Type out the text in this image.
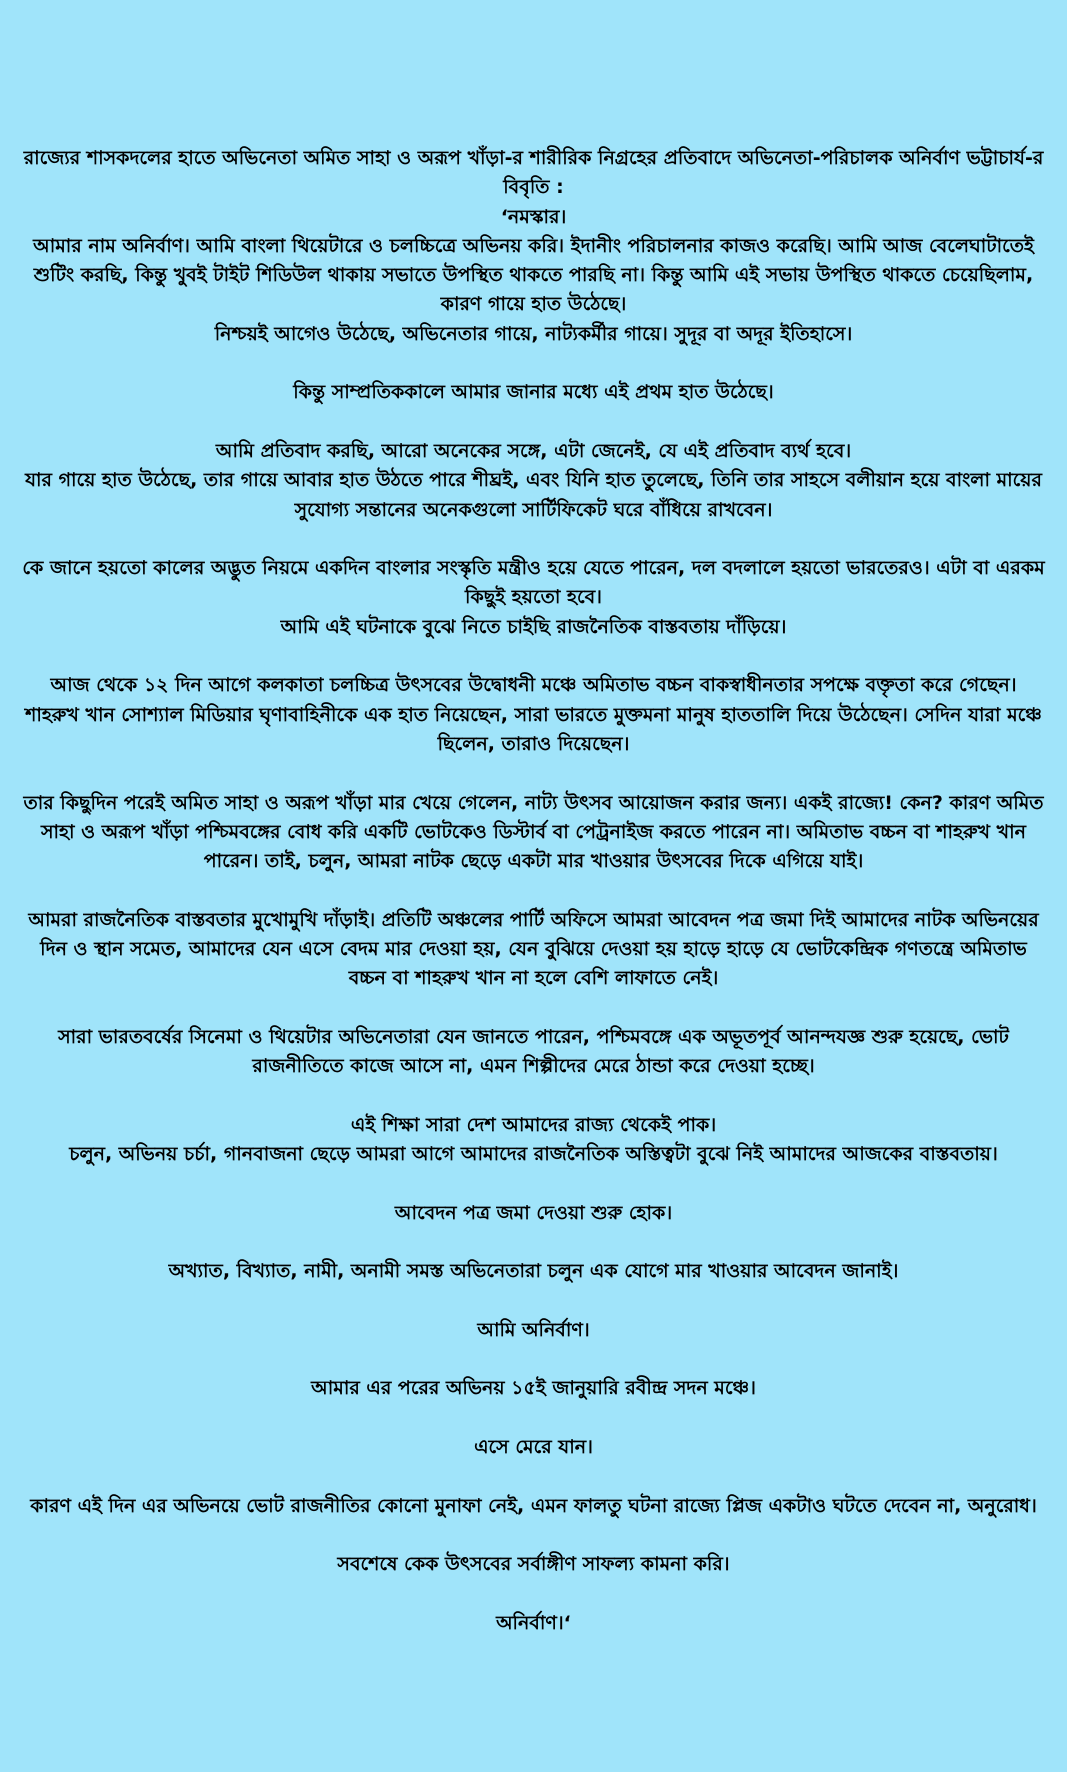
রাজ্যের শাসকদলের হাতে অভিনেতা অমিত সাহা ও অরূপ খাঁড়া-র শারীরিক নিগ্রহের প্রতিবাদে অভিনেতা-পরিচালক অনির্বাণ ভট্টাচার্য-র বিবৃতি :

‘নমস্কার।

আমার নাম অনির্বাণ। আমি বাংলা থিয়েটারে ও চলচ্চিত্রে অভিনয় করি। ইদানীং পরিচালনার কাজও করেছি। আমি আজ বেলেঘাটাতেই শুটিং করছি, কিন্তু খুবই টাইট শিডিউল থাকায় সভাতে উপস্থিত থাকতে পারছি না। কিন্তু আমি এই সভায় উপস্থিত থাকতে চেয়েছিলাম, কারণ গায়ে হাত উঠেছে।

নিশ্চয়ই আগেও উঠেছে, অভিনেতার গায়ে, নাট্যকর্মীর গায়ে। সুদূর বা অদূর ইতিহাসে।

কিন্তু সাম্প্রতিককালে আমার জানার মধ্যে এই প্রথম হাত উঠেছে।

আমি প্রতিবাদ করছি, আরো অনেকের সঙ্গে, এটা জেনেই, যে এই প্রতিবাদ ব্যর্থ হবে।

যার গায়ে হাত উঠেছে, তার গায়ে আবার হাত উঠতে পারে শীঘ্রই, এবং যিনি হাত তুলেছে, তিনি তার সাহসে বলীয়ান হয়ে বাংলা মায়ের সুযোগ্য সন্তানের অনেকগুলো সার্টিফিকেট ঘরে বাঁধিয়ে রাখবেন।

কে জানে হয়তো কালের অদ্ভুত নিয়মে একদিন বাংলার সংস্কৃতি মন্ত্রীও হয়ে যেতে পারেন, দল বদলালে হয়তো ভারতেরও। এটা বা এরকম কিছুই হয়তো হবে।

আমি এই ঘটনাকে বুঝে নিতে চাইছি রাজনৈতিক বাস্তবতায় দাঁড়িয়ে।

আজ থেকে ১২ দিন আগে কলকাতা চলচ্চিত্র উৎসবের উদ্বোধনী মঞ্চে অমিতাভ বচ্চন বাকস্বাধীনতার সপক্ষে বক্তৃতা করে গেছেন। শাহরুখ খান সোশ্যাল মিডিয়ার ঘৃণাবাহিনীকে এক হাত নিয়েছেন, সারা ভারতে মুক্তমনা মানুষ হাততালি দিয়ে উঠেছেন। সেদিন যারা মঞ্চে ছিলেন, তারাও দিয়েছেন।

তার কিছুদিন পরেই অমিত সাহা ও অরূপ খাঁড়া মার খেয়ে গেলেন, নাট্য উৎসব আয়োজন করার জন্য। একই রাজ্যে! কেন? কারণ অমিত সাহা ও অরূপ খাঁড়া পশ্চিমবঙ্গের বোধ করি একটি ভোটকেও ডিস্টার্ব বা পেট্রনাইজ করতে পারেন না। অমিতাভ বচ্চন বা শাহরুখ খান পারেন। তাই, চলুন, আমরা নাটক ছেড়ে একটা মার খাওয়ার উৎসবের দিকে এগিয়ে যাই।

আমরা রাজনৈতিক বাস্তবতার মুখোমুখি দাঁড়াই। প্রতিটি অঞ্চলের পার্টি অফিসে আমরা আবেদন পত্র জমা দিই আমাদের নাটক অভিনয়ের দিন ও স্থান সমেত, আমাদের যেন এসে বেদম মার দেওয়া হয়, যেন বুঝিয়ে দেওয়া হয় হাড়ে হাড়ে যে ভোটকেন্দ্রিক গণতন্ত্রে অমিতাভ বচ্চন বা শাহরুখ খান না হলে বেশি লাফাতে নেই।

সারা ভারতবর্ষের সিনেমা ও থিয়েটার অভিনেতারা যেন জানতে পারেন, পশ্চিমবঙ্গে এক অভূতপূর্ব আনন্দযজ্ঞ শুরু হয়েছে, ভোট রাজনীতিতে কাজে আসে না, এমন শিল্পীদের মেরে ঠান্ডা করে দেওয়া হচ্ছে।

এই শিক্ষা সারা দেশ আমাদের রাজ্য থেকেই পাক।

চলুন, অভিনয় চর্চা, গানবাজনা ছেড়ে আমরা আগে আমাদের রাজনৈতিক অস্তিত্বটা বুঝে নিই আমাদের আজকের বাস্তবতায়।

আবেদন পত্র জমা দেওয়া শুরু হোক।

অখ্যাত, বিখ্যাত, নামী, অনামী সমস্ত অভিনেতারা চলুন এক যোগে মার খাওয়ার আবেদন জানাই।

আমি অনির্বাণ।

আমার এর পরের অভিনয় ১৫ই জানুয়ারি রবীন্দ্র সদন মঞ্চে।

এসে মেরে যান।

কারণ এই দিন এর অভিনয়ে ভোট রাজনীতির কোনো মুনাফা নেই, এমন ফালতু ঘটনা রাজ্যে প্লিজ একটাও ঘটতে দেবেন না, অনুরোধ।

সবশেষে কেক উৎসবের সর্বাঙ্গীণ সাফল্য কামনা করি।

অনির্বাণ।‘
